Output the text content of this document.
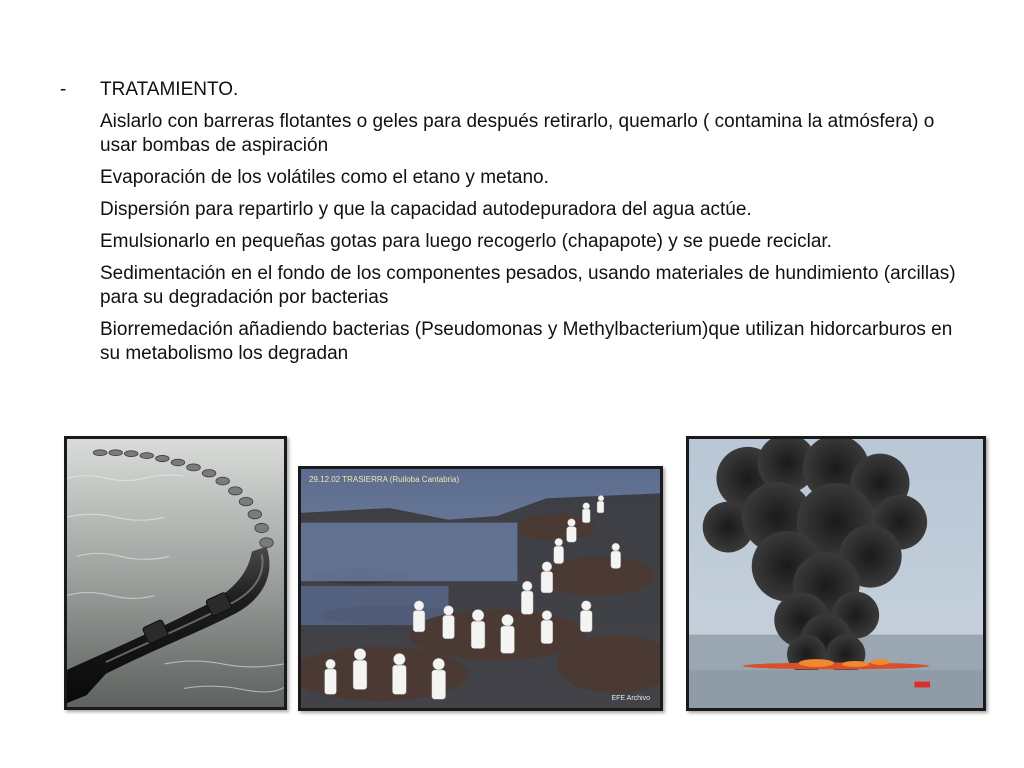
- TRATAMIENTO.
Aislarlo con barreras flotantes o geles para después retirarlo, quemarlo ( contamina la atmósfera) o usar bombas de aspiración
Evaporación de los volátiles como el etano y metano.
Dispersión para repartirlo y que la capacidad autodepuradora del agua actúe.
Emulsionarlo en pequeñas gotas para luego recogerlo (chapapote) y se puede reciclar.
Sedimentación en el fondo de los componentes pesados, usando materiales de hundimiento (arcillas) para su degradación por bacterias
Biorremedación añadiendo bacterias (Pseudomonas y Methylbacterium)que utilizan hidorcarburos en su metabolismo los degradan
29.12.02 TRASIERRA (Ruiloba Cantabria)
EFE Archivo
